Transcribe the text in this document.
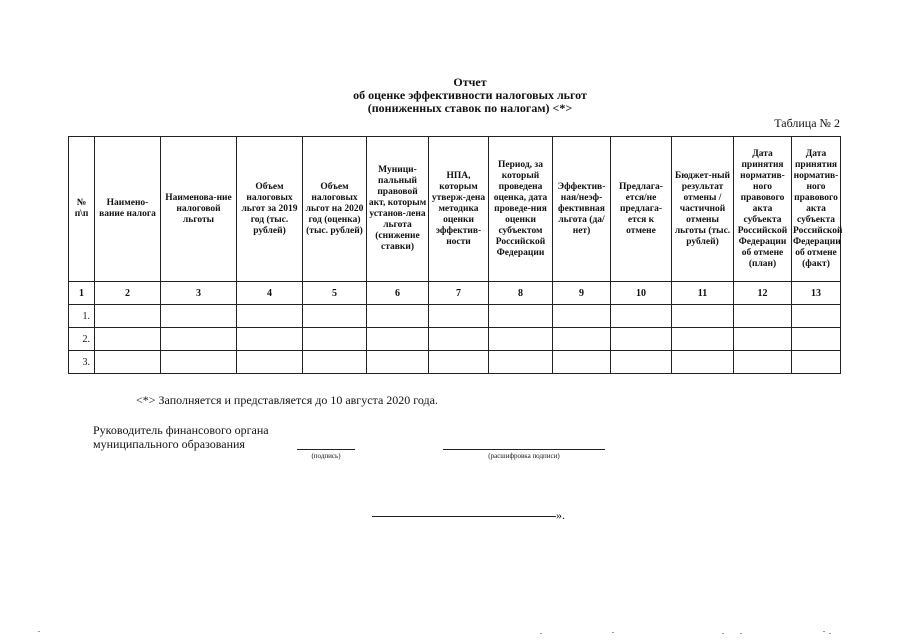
Отчет
об оценке эффективности налоговых льгот
(пониженных ставок по налогам) <*>
Таблица № 2
№ п\п	Наимено-вание налога	Наименова-ние налоговой льготы	Объем налоговых льгот за 2019 год (тыс. рублей)	Объем налоговых льгот на 2020 год (оценка) (тыс. рублей)	Муници-пальный правовой акт, которым установ-лена льгота (снижение ставки)	НПА, которым утверж-дена методика оценки эффектив-ности	Период, за который проведена оценка, дата проведе-ния оценки субъектом Российской Федерации	Эффектив-ная/неэф-фективная льгота (да/нет)	Предлага-ется/не предлага-ется к отмене	Бюджет-ный результат отмены / частичной отмены льготы (тыс. рублей)	Дата принятия норматив-ного правового акта субъекта Российской Федерации об отмене (план)	Дата принятия норматив-ного правового акта субъекта Российской Федерации об отмене (факт)
1	2	3	4	5	6	7	8	9	10	11	12	13
1.												
2.												
3.												
<*> Заполняется и представляется до 10 августа 2020 года.
Руководитель финансового органа
муниципального образования
(подпись)	(расшифровка подписи)
».
